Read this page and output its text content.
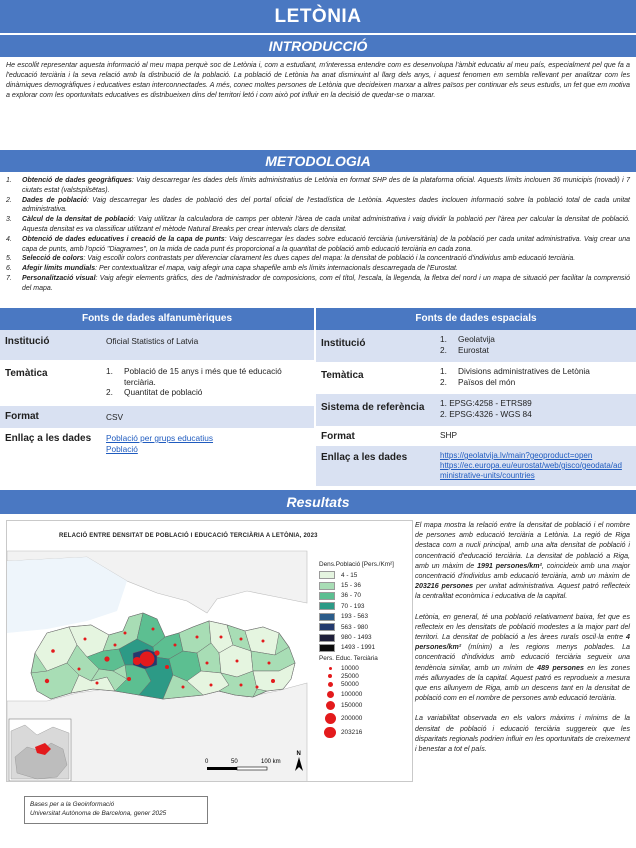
LETÒNIA
INTRODUCCIÓ
He escollit representar aquesta informació al meu mapa perquè soc de Letònia i, com a estudiant, m'interessa entendre com es desenvolupa l'àmbit educatiu al meu país, especialment pel que fa a l'educació terciària i la seva relació amb la distribució de la població. La població de Letònia ha anat disminuint al llarg dels anys, i aquest fenomen em sembla rellevant per analitzar com les dinàmiques demogràfiques i educatives estan interconnectades. A més, conec moltes persones de Letònia que decideixen marxar a altres països per continuar els seus estudis, un fet que em motiva a explorar com les oportunitats educatives es distribueixen dins del territori letó i com això pot influir en la decisió de quedar-se o marxar.
METODOLOGIA
1.	Obtenció de dades geogràfiques: Vaig descarregar les dades dels límits administratius de Letònia en format SHP des de la plataforma oficial. Aquests límits inclouen 36 municipis (novadi) i 7 ciutats estat (valstspilsētas).
2.	Dades de població: Vaig descarregar les dades de població des del portal oficial de l'estadística de Letònia. Aquestes dades inclouen informació sobre la població total de cada unitat administrativa.
3.	Càlcul de la densitat de població: Vaig utilitzar la calculadora de camps per obtenir l'àrea de cada unitat administrativa i vaig dividir la població per l'àrea per calcular la densitat de població. Aquesta densitat es va classificar utilitzant el mètode Natural Breaks per crear intervals clars de densitat.
4.	Obtenció de dades educatives i creació de la capa de punts: Vaig descarregar les dades sobre educació terciària (universitària) de la població per cada unitat administrativa. Vaig crear una capa de punts, amb l'opció "Diagrames", on la mida de cada punt és proporcional a la quantitat de població amb educació terciària en cada zona.
5.	Selecció de colors: Vaig escollir colors contrastats per diferenciar clarament les dues capes del mapa: la densitat de població i la concentració d'individus amb educació terciària.
6.	Afegir límits mundials: Per contextualitzar el mapa, vaig afegir una capa shapefile amb els límits internacionals descarregada de l'Eurostat.
7.	Personalització visual: Vaig afegir elements gràfics, des de l'administrador de composicions, com el títol, l'escala, la llegenda, la fletxa del nord i un mapa de situació per facilitar la comprensió del mapa.
Fonts de dades alfanumèriques
Institució	Oficial Statistics of Latvia
Temàtica	1.	Població de 15 anys i més que té educació terciària.
2.	Quantitat de població
Format	CSV
Enllaç a les dades	Població per grups educatius
Població
Fonts de dades espacials
Institució	1.	Geolatvija
2.	Eurostat
Temàtica	1.	Divisions administratives de Letònia
2.	Països del món
Sistema de referència	1. EPSG:4258 - ETRS89
2. EPSG:4326 - WGS 84
Format	SHP
Enllaç a les dades	https://geolatvija.lv/main?geoproduct=open
https://ec.europa.eu/eurostat/web/gisco/geodata/administrative-units/countries
Resultats
RELACIÓ ENTRE DENSITAT DE POBLACIÓ I EDUCACIÓ TERCIÀRIA A LETÒNIA, 2023
0	50	100 km
N
Dens.Població [Pers./Km²]
4 - 15
15 - 36
36 - 70
70 - 193
193 - 563
563 - 980
980 - 1493
1493 - 1991
Pers. Educ. Terciària
10000
25000
50000
100000
150000
200000
203216

El mapa mostra la relació entre la densitat de població i el nombre de persones amb educació terciària a Letònia. La regió de Riga destaca com a nucli principal, amb una alta densitat de població i concentració d'educació terciària. La densitat de població a Riga, amb un màxim de 1991 persones/km², coincideix amb una major concentració d'individus amb educació terciària, amb un màxim de 203216 persones per unitat administrativa. Aquest patró reflecteix la centralitat econòmica i educativa de la capital.

Letònia, en general, té una població relativament baixa, fet que es reflecteix en les densitats de població modestes a la major part del territori. La densitat de població a les àrees rurals oscil·la entre 4 persones/km² (mínim) a les regions menys poblades. La concentració d'individus amb educació terciària segueix una tendència similar, amb un mínim de 489 persones en les zones més allunyades de la capital. Aquest patró es reprodueix a mesura que ens allunyem de Riga, amb un descens tant en la densitat de població com en el nombre de persones amb educació terciària.

La variabilitat observada en els valors màxims i mínims de la densitat de població i educació terciària suggereix que les disparitats regionals podrien influir en les oportunitats de creixement i benestar a tot el país.

Bases per a la Geoinformació
Universitat Autònoma de Barcelona, gener 2025
